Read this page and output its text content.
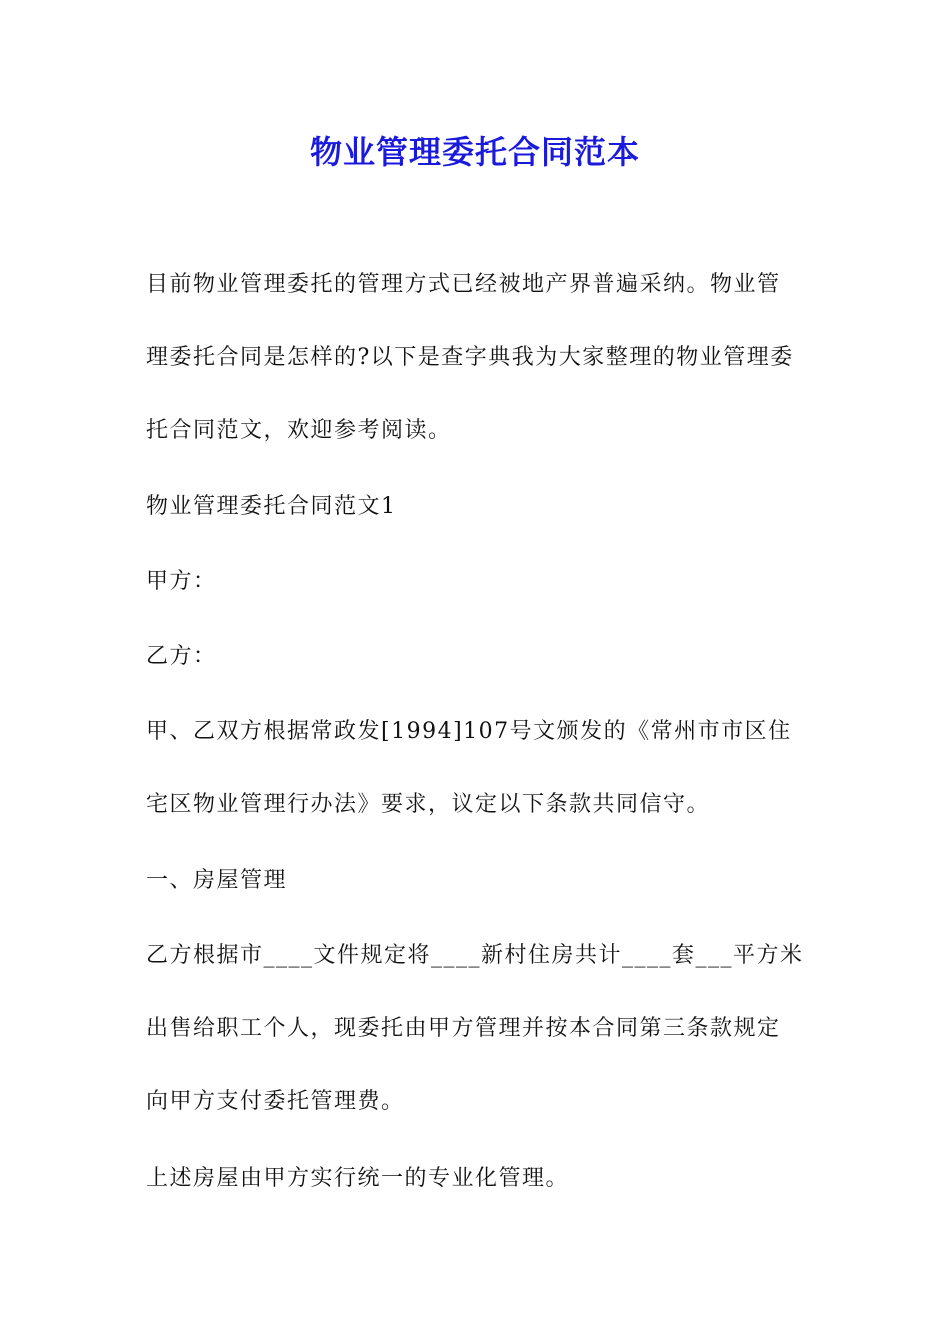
物业管理委托合同范本
目前物业管理委托的管理方式已经被地产界普遍采纳。物业管
理委托合同是怎样的?以下是查字典我为大家整理的物业管理委
托合同范文，欢迎参考阅读。
物业管理委托合同范文1
甲方：
乙方：
甲、乙双方根据常政发[1994]107号文颁发的《常州市市区住
宅区物业管理行办法》要求，议定以下条款共同信守。
一、房屋管理
乙方根据市____文件规定将____新村住房共计____套___平方米
出售给职工个人，现委托由甲方管理并按本合同第三条款规定
向甲方支付委托管理费。
上述房屋由甲方实行统一的专业化管理。
